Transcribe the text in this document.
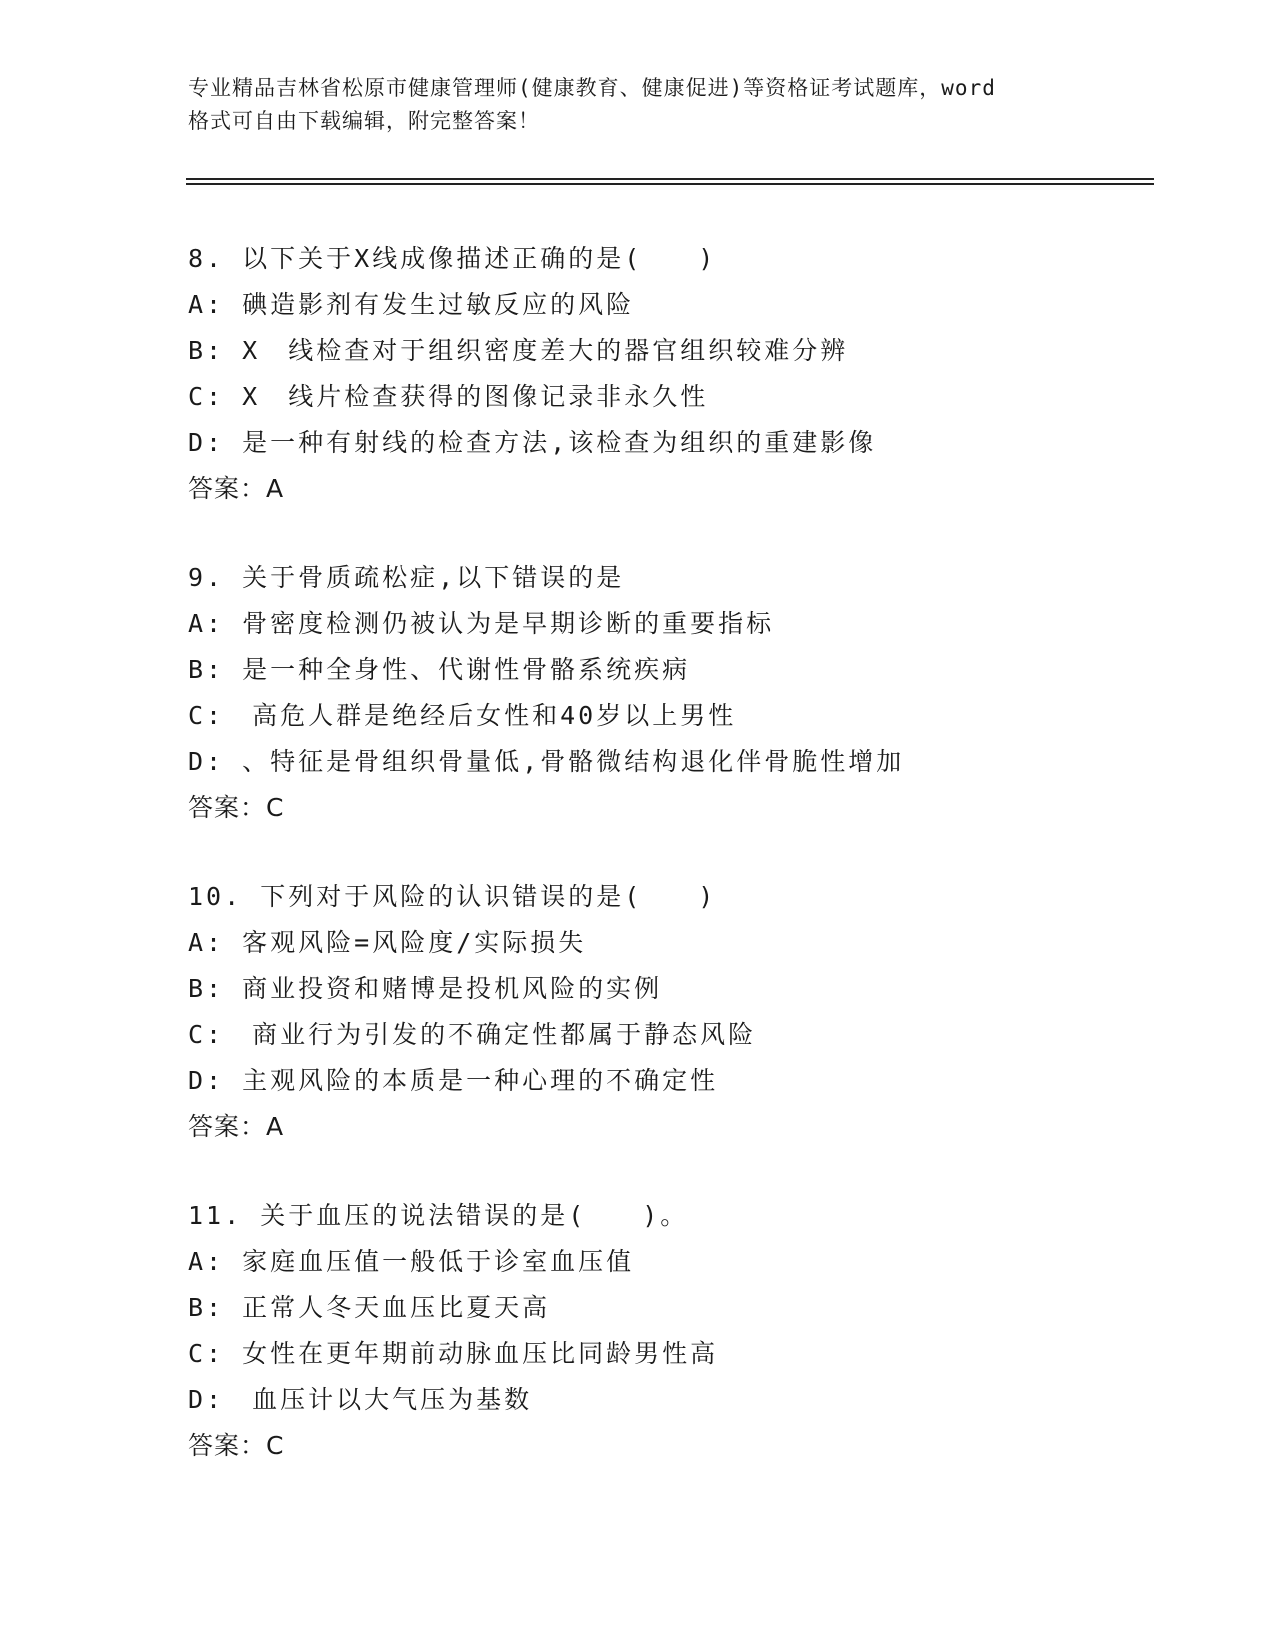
专业精品吉林省松原市健康管理师(健康教育、健康促进)等资格证考试题库，word
格式可自由下载编辑，附完整答案！
8. 以下关于X线成像描述正确的是(　　)
A: 碘造影剂有发生过敏反应的风险
B: X　线检查对于组织密度差大的器官组织较难分辨
C: X　线片检查获得的图像记录非永久性
D: 是一种有射线的检查方法,该检查为组织的重建影像
答案：A
9. 关于骨质疏松症,以下错误的是
A: 骨密度检测仍被认为是早期诊断的重要指标
B: 是一种全身性、代谢性骨骼系统疾病
C:　高危人群是绝经后女性和40岁以上男性
D: 、特征是骨组织骨量低,骨骼微结构退化伴骨脆性增加
答案：C
10. 下列对于风险的认识错误的是(　　)
A: 客观风险=风险度/实际损失
B: 商业投资和赌博是投机风险的实例
C:　商业行为引发的不确定性都属于静态风险
D: 主观风险的本质是一种心理的不确定性
答案：A
11. 关于血压的说法错误的是(　　)。
A: 家庭血压值一般低于诊室血压值
B: 正常人冬天血压比夏天高
C: 女性在更年期前动脉血压比同龄男性高
D:　血压计以大气压为基数
答案：C
